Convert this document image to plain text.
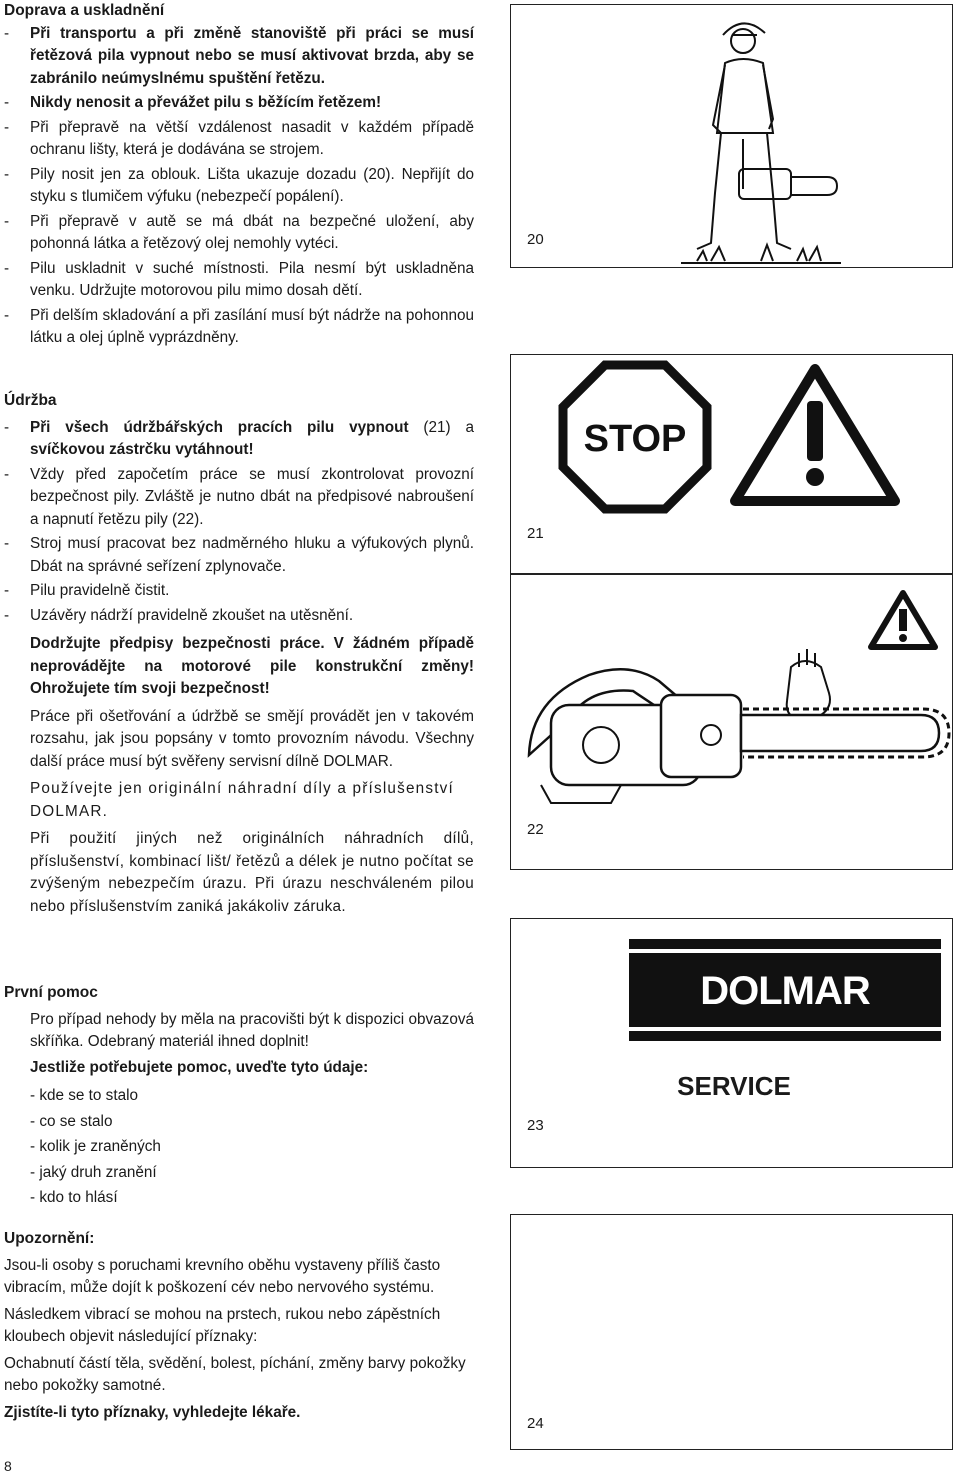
Doprava a uskladnění

- Při transportu a při změně stanoviště při práci se musí řetězová pila vypnout nebo se musí aktivovat brzda, aby se zabránilo neúmyslnému spuštění řetězu.
- Nikdy nenosit a převážet pilu s běžícím řetězem!
- Při přepravě na větší vzdálenost nasadit v každém případě ochranu lišty, která je dodávána se strojem.
- Pily nosit jen za oblouk. Lišta ukazuje dozadu (20). Nepřijít do styku s tlumičem výfuku (nebezpečí popálení).
- Při přepravě v autě se má dbát na bezpečné uložení, aby pohonná látka a řetězový olej nemohly vytéci.
- Pilu uskladnit v suché místnosti. Pila nesmí být uskladněna venku. Udržujte motorovou pilu mimo dosah dětí.
- Při delším skladování a při zasílání musí být nádrže na pohonnou látku a olej úplně vyprázdněny.

Údržba

- Při všech údržbářských pracích pilu vypnout (21) a svíčkovou zástrčku vytáhnout!
- Vždy před započetím práce se musí zkontrolovat provozní bezpečnost pily. Zvláště je nutno dbát na předpisové nabroušení a napnutí řetězu pily (22).
- Stroj musí pracovat bez nadměrného hluku a výfukových plynů. Dbát na správné seřízení zplynovače.
- Pilu pravidelně čistit.
- Uzávěry nádrží pravidelně zkoušet na utěsnění.

Dodržujte předpisy bezpečnosti práce. V žádném případě neprovádějte na motorové pile konstrukční změny! Ohrožujete tím svoji bezpečnost!

Práce při ošetřování a údržbě se smějí provádět jen v takovém rozsahu, jak jsou popsány v tomto provozním návodu. Všechny další práce musí být svěřeny servisní dílně DOLMAR.

Používejte jen originální náhradní díly a příslušenství DOLMAR.

Při použití jiných než originálních náhradních dílů, příslušenství, kombinací lišt/ řetězů a délek je nutno počítat se zvýšeným nebezpečím úrazu. Při úrazu neschváleném pilou nebo příslušenstvím zaniká jakákoliv záruka.

První pomoc

Pro případ nehody by měla na pracovišti být k dispozici obvazová skříňka. Odebraný materiál ihned doplnit!

Jestliže potřebujete pomoc, uveďte tyto údaje:

- kde se to stalo

- co se stalo

- kolik je zraněných

- jaký druh zranění

- kdo to hlásí

Upozornění:

Jsou-li osoby s poruchami krevního oběhu vystaveny příliš často vibracím, může dojít k poškození cév nebo nervového systému.

Následkem vibrací se mohou na prstech, rukou nebo zápěstních kloubech objevit následující příznaky:

Ochabnutí částí těla, svědění, bolest, píchání, změny barvy pokožky nebo pokožky samotné.

Zjistíte-li tyto příznaky, vyhledejte lékaře.

20
21
STOP
22
23
DOLMAR
SERVICE
24
8
